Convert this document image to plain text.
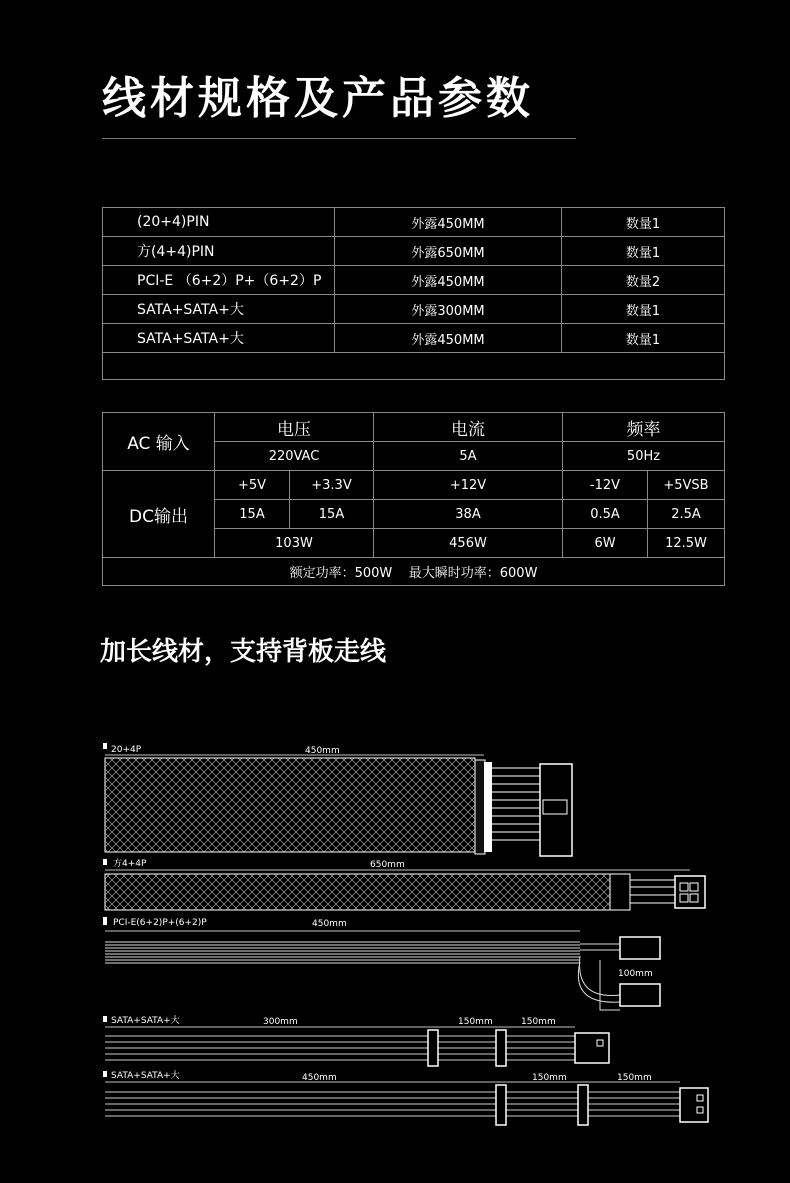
线材规格及产品参数
(20+4)PIN	外露450MM	数量1
方(4+4)PIN	外露650MM	数量1
PCI-E （6+2）P+（6+2）P	外露450MM	数量2
SATA+SATA+大	外露300MM	数量1
SATA+SATA+大	外露450MM	数量1

AC 输入	电压		电流	频率	
	220VAC		5A	50Hz	
DC输出	+5V	+3.3V	+12V	-12V	+5VSB
	15A	15A	38A	0.5A	2.5A
	103W		456W	6W	12.5W
额定功率：500W    最大瞬时功率：600W					
加长线材，支持背板走线
20+4P	450mm
方4+4P	650mm
PCI-E(6+2)P+(6+2)P	450mm
100mm
SATA+SATA+大	300mm	150mm	150mm
SATA+SATA+大	450mm	150mm	150mm
